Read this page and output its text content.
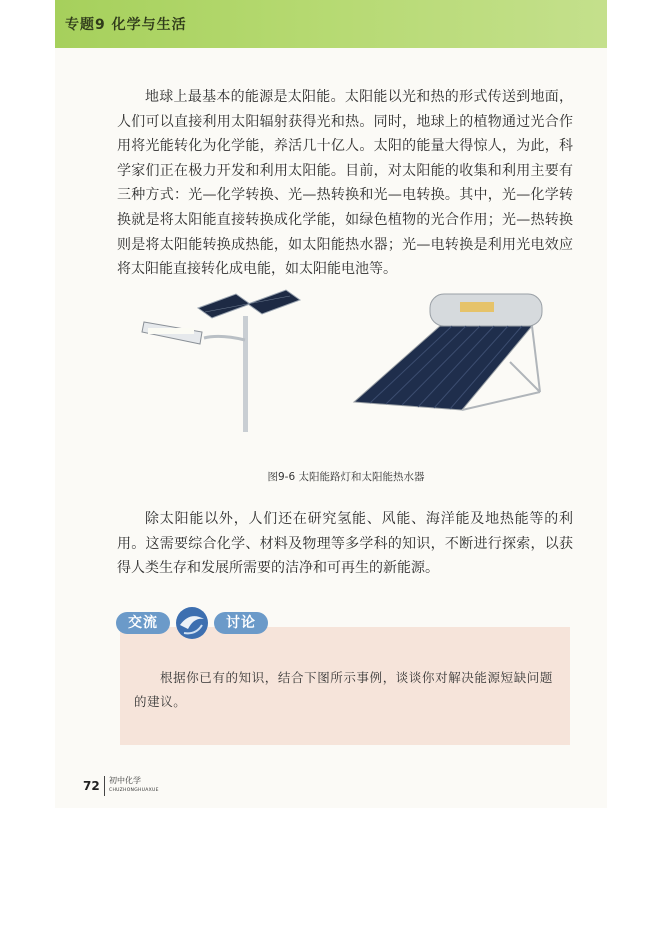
专题9 化学与生活

地球上最基本的能源是太阳能。太阳能以光和热的形式传送到地面，人们可以直接利用太阳辐射获得光和热。同时，地球上的植物通过光合作用将光能转化为化学能，养活几十亿人。太阳的能量大得惊人，为此，科学家们正在极力开发和利用太阳能。目前，对太阳能的收集和利用主要有三种方式：光—化学转换、光—热转换和光—电转换。其中，光—化学转换就是将太阳能直接转换成化学能，如绿色植物的光合作用；光—热转换则是将太阳能转换成热能，如太阳能热水器；光—电转换是利用光电效应将太阳能直接转化成电能，如太阳能电池等。

图9-6 太阳能路灯和太阳能热水器

除太阳能以外，人们还在研究氢能、风能、海洋能及地热能等的利用。这需要综合化学、材料及物理等多学科的知识，不断进行探索，以获得人类生存和发展所需要的洁净和可再生的新能源。

交流	讨论

根据你已有的知识，结合下图所示事例，谈谈你对解决能源短缺问题的建议。

72 初中化学
CHUZHONGHUAXUE
